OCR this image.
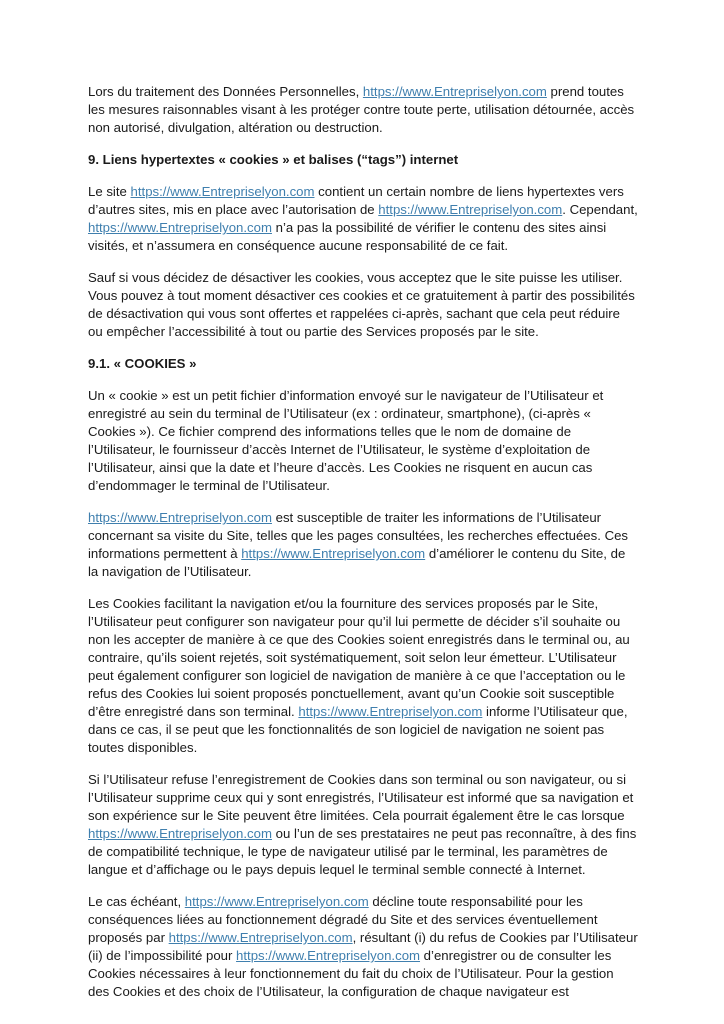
Lors du traitement des Données Personnelles, https://www.Entrepriselyon.com prend toutes les mesures raisonnables visant à les protéger contre toute perte, utilisation détournée, accès non autorisé, divulgation, altération ou destruction.

9. Liens hypertextes « cookies » et balises (“tags”) internet

Le site https://www.Entrepriselyon.com contient un certain nombre de liens hypertextes vers d’autres sites, mis en place avec l’autorisation de https://www.Entrepriselyon.com. Cependant, https://www.Entrepriselyon.com n’a pas la possibilité de vérifier le contenu des sites ainsi visités, et n’assumera en conséquence aucune responsabilité de ce fait.

Sauf si vous décidez de désactiver les cookies, vous acceptez que le site puisse les utiliser. Vous pouvez à tout moment désactiver ces cookies et ce gratuitement à partir des possibilités de désactivation qui vous sont offertes et rappelées ci-après, sachant que cela peut réduire ou empêcher l’accessibilité à tout ou partie des Services proposés par le site.

9.1. « COOKIES »

Un « cookie » est un petit fichier d’information envoyé sur le navigateur de l’Utilisateur et enregistré au sein du terminal de l’Utilisateur (ex : ordinateur, smartphone), (ci-après « Cookies »). Ce fichier comprend des informations telles que le nom de domaine de l’Utilisateur, le fournisseur d’accès Internet de l’Utilisateur, le système d’exploitation de l’Utilisateur, ainsi que la date et l’heure d’accès. Les Cookies ne risquent en aucun cas d’endommager le terminal de l’Utilisateur.

https://www.Entrepriselyon.com est susceptible de traiter les informations de l’Utilisateur concernant sa visite du Site, telles que les pages consultées, les recherches effectuées. Ces informations permettent à https://www.Entrepriselyon.com d’améliorer le contenu du Site, de la navigation de l’Utilisateur.

Les Cookies facilitant la navigation et/ou la fourniture des services proposés par le Site, l’Utilisateur peut configurer son navigateur pour qu’il lui permette de décider s’il souhaite ou non les accepter de manière à ce que des Cookies soient enregistrés dans le terminal ou, au contraire, qu’ils soient rejetés, soit systématiquement, soit selon leur émetteur. L’Utilisateur peut également configurer son logiciel de navigation de manière à ce que l’acceptation ou le refus des Cookies lui soient proposés ponctuellement, avant qu’un Cookie soit susceptible d’être enregistré dans son terminal. https://www.Entrepriselyon.com informe l’Utilisateur que, dans ce cas, il se peut que les fonctionnalités de son logiciel de navigation ne soient pas toutes disponibles.

Si l’Utilisateur refuse l’enregistrement de Cookies dans son terminal ou son navigateur, ou si l’Utilisateur supprime ceux qui y sont enregistrés, l’Utilisateur est informé que sa navigation et son expérience sur le Site peuvent être limitées. Cela pourrait également être le cas lorsque https://www.Entrepriselyon.com ou l’un de ses prestataires ne peut pas reconnaître, à des fins de compatibilité technique, le type de navigateur utilisé par le terminal, les paramètres de langue et d’affichage ou le pays depuis lequel le terminal semble connecté à Internet.

Le cas échéant, https://www.Entrepriselyon.com décline toute responsabilité pour les conséquences liées au fonctionnement dégradé du Site et des services éventuellement proposés par https://www.Entrepriselyon.com, résultant (i) du refus de Cookies par l’Utilisateur (ii) de l’impossibilité pour https://www.Entrepriselyon.com d’enregistrer ou de consulter les Cookies nécessaires à leur fonctionnement du fait du choix de l’Utilisateur. Pour la gestion des Cookies et des choix de l’Utilisateur, la configuration de chaque navigateur est
